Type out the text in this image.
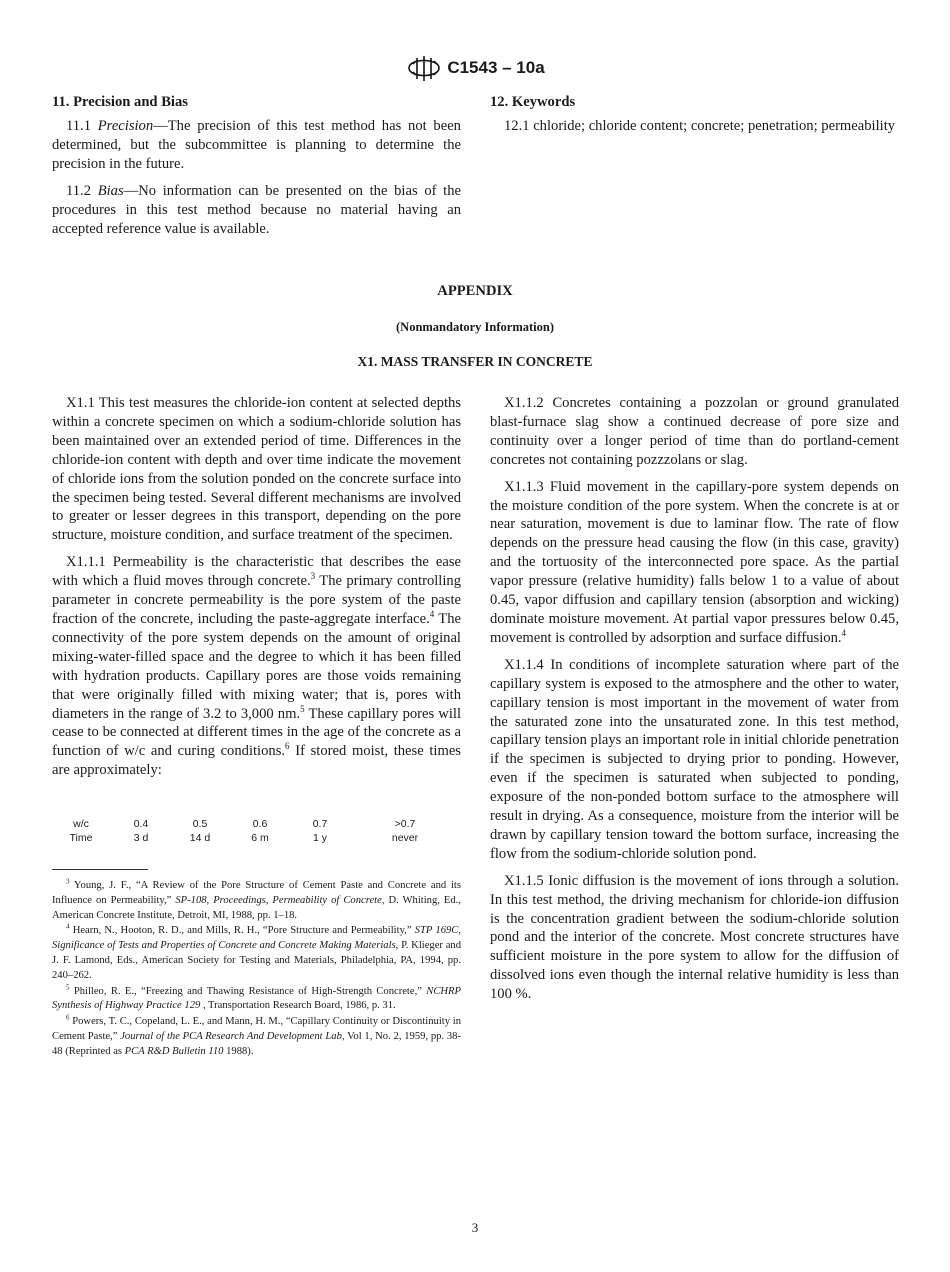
C1543 – 10a
11. Precision and Bias

11.1 Precision—The precision of this test method has not been determined, but the subcommittee is planning to determine the precision in the future.

11.2 Bias—No information can be presented on the bias of the procedures in this test method because no material having an accepted reference value is available.

12. Keywords

12.1 chloride; chloride content; concrete; penetration; permeability

APPENDIX
(Nonmandatory Information)
X1. MASS TRANSFER IN CONCRETE

X1.1 This test measures the chloride-ion content at selected depths within a concrete specimen on which a sodium-chloride solution has been maintained over an extended period of time. Differences in the chloride-ion content with depth and over time indicate the movement of chloride ions from the solution ponded on the concrete surface into the specimen being tested. Several different mechanisms are involved to greater or lesser degrees in this transport, depending on the pore structure, moisture condition, and surface treatment of the specimen.

X1.1.1 Permeability is the characteristic that describes the ease with which a fluid moves through concrete.$^3$ The primary controlling parameter in concrete permeability is the pore system of the paste fraction of the concrete, including the paste-aggregate interface.$^4$ The connectivity of the pore system depends on the amount of original mixing-water-filled space and the degree to which it has been filled with hydration products. Capillary pores are those voids remaining that were originally filled with mixing water; that is, pores with diameters in the range of 3.2 to 3,000 nm.$^5$ These capillary pores will cease to be connected at different times in the age of the concrete as a function of w/c and curing conditions.$^6$ If stored moist, these times are approximately:

w/c	0.4	0.5	0.6	0.7	>0.7
Time	3 d	14 d	6 m	1 y	never

$^3$ Young, J. F., “A Review of the Pore Structure of Cement Paste and Concrete and its Influence on Permeability,” SP-108, Proceedings, Permeability of Concrete, D. Whiting, Ed., American Concrete Institute, Detroit, MI, 1988, pp. 1–18.

$^4$ Hearn, N., Hooton, R. D., and Mills, R. H., “Pore Structure and Permeability,” STP 169C, Significance of Tests and Properties of Concrete and Concrete Making Materials, P. Klieger and J. F. Lamond, Eds., American Society for Testing and Materials, Philadelphia, PA, 1994, pp. 240–262.

$^5$ Philleo, R. E., “Freezing and Thawing Resistance of High-Strength Concrete,” NCHRP Synthesis of Highway Practice 129 , Transportation Research Board, 1986, p. 31.

$^6$ Powers, T. C., Copeland, L. E., and Mann, H. M., “Capillary Continuity or Discontinuity in Cement Paste,” Journal of the PCA Research And Development Lab, Vol 1, No. 2, 1959, pp. 38-48 (Reprinted as PCA R&D Bulletin 110 1988).

X1.1.2 Concretes containing a pozzolan or ground granulated blast-furnace slag show a continued decrease of pore size and continuity over a longer period of time than do portland-cement concretes not containing pozzzolans or slag.

X1.1.3 Fluid movement in the capillary-pore system depends on the moisture condition of the pore system. When the concrete is at or near saturation, movement is due to laminar flow. The rate of flow depends on the pressure head causing the flow (in this case, gravity) and the tortuosity of the interconnected pore space. As the partial vapor pressure (relative humidity) falls below 1 to a value of about 0.45, vapor diffusion and capillary tension (absorption and wicking) dominate moisture movement. At partial vapor pressures below 0.45, movement is controlled by adsorption and surface diffusion.$^4$

X1.1.4 In conditions of incomplete saturation where part of the capillary system is exposed to the atmosphere and the other to water, capillary tension is most important in the movement of water from the saturated zone into the unsaturated zone. In this test method, capillary tension plays an important role in initial chloride penetration if the specimen is subjected to drying prior to ponding. However, even if the specimen is saturated when subjected to ponding, exposure of the non-ponded bottom surface to the atmosphere will result in drying. As a consequence, moisture from the interior will be drawn by capillary tension toward the bottom surface, increasing the flow from the sodium-chloride solution pond.

X1.1.5 Ionic diffusion is the movement of ions through a solution. In this test method, the driving mechanism for chloride-ion diffusion is the concentration gradient between the sodium-chloride solution pond and the interior of the concrete. Most concrete structures have sufficient moisture in the pore system to allow for the diffusion of dissolved ions even though the internal relative humidity is less than 100 %.

3
